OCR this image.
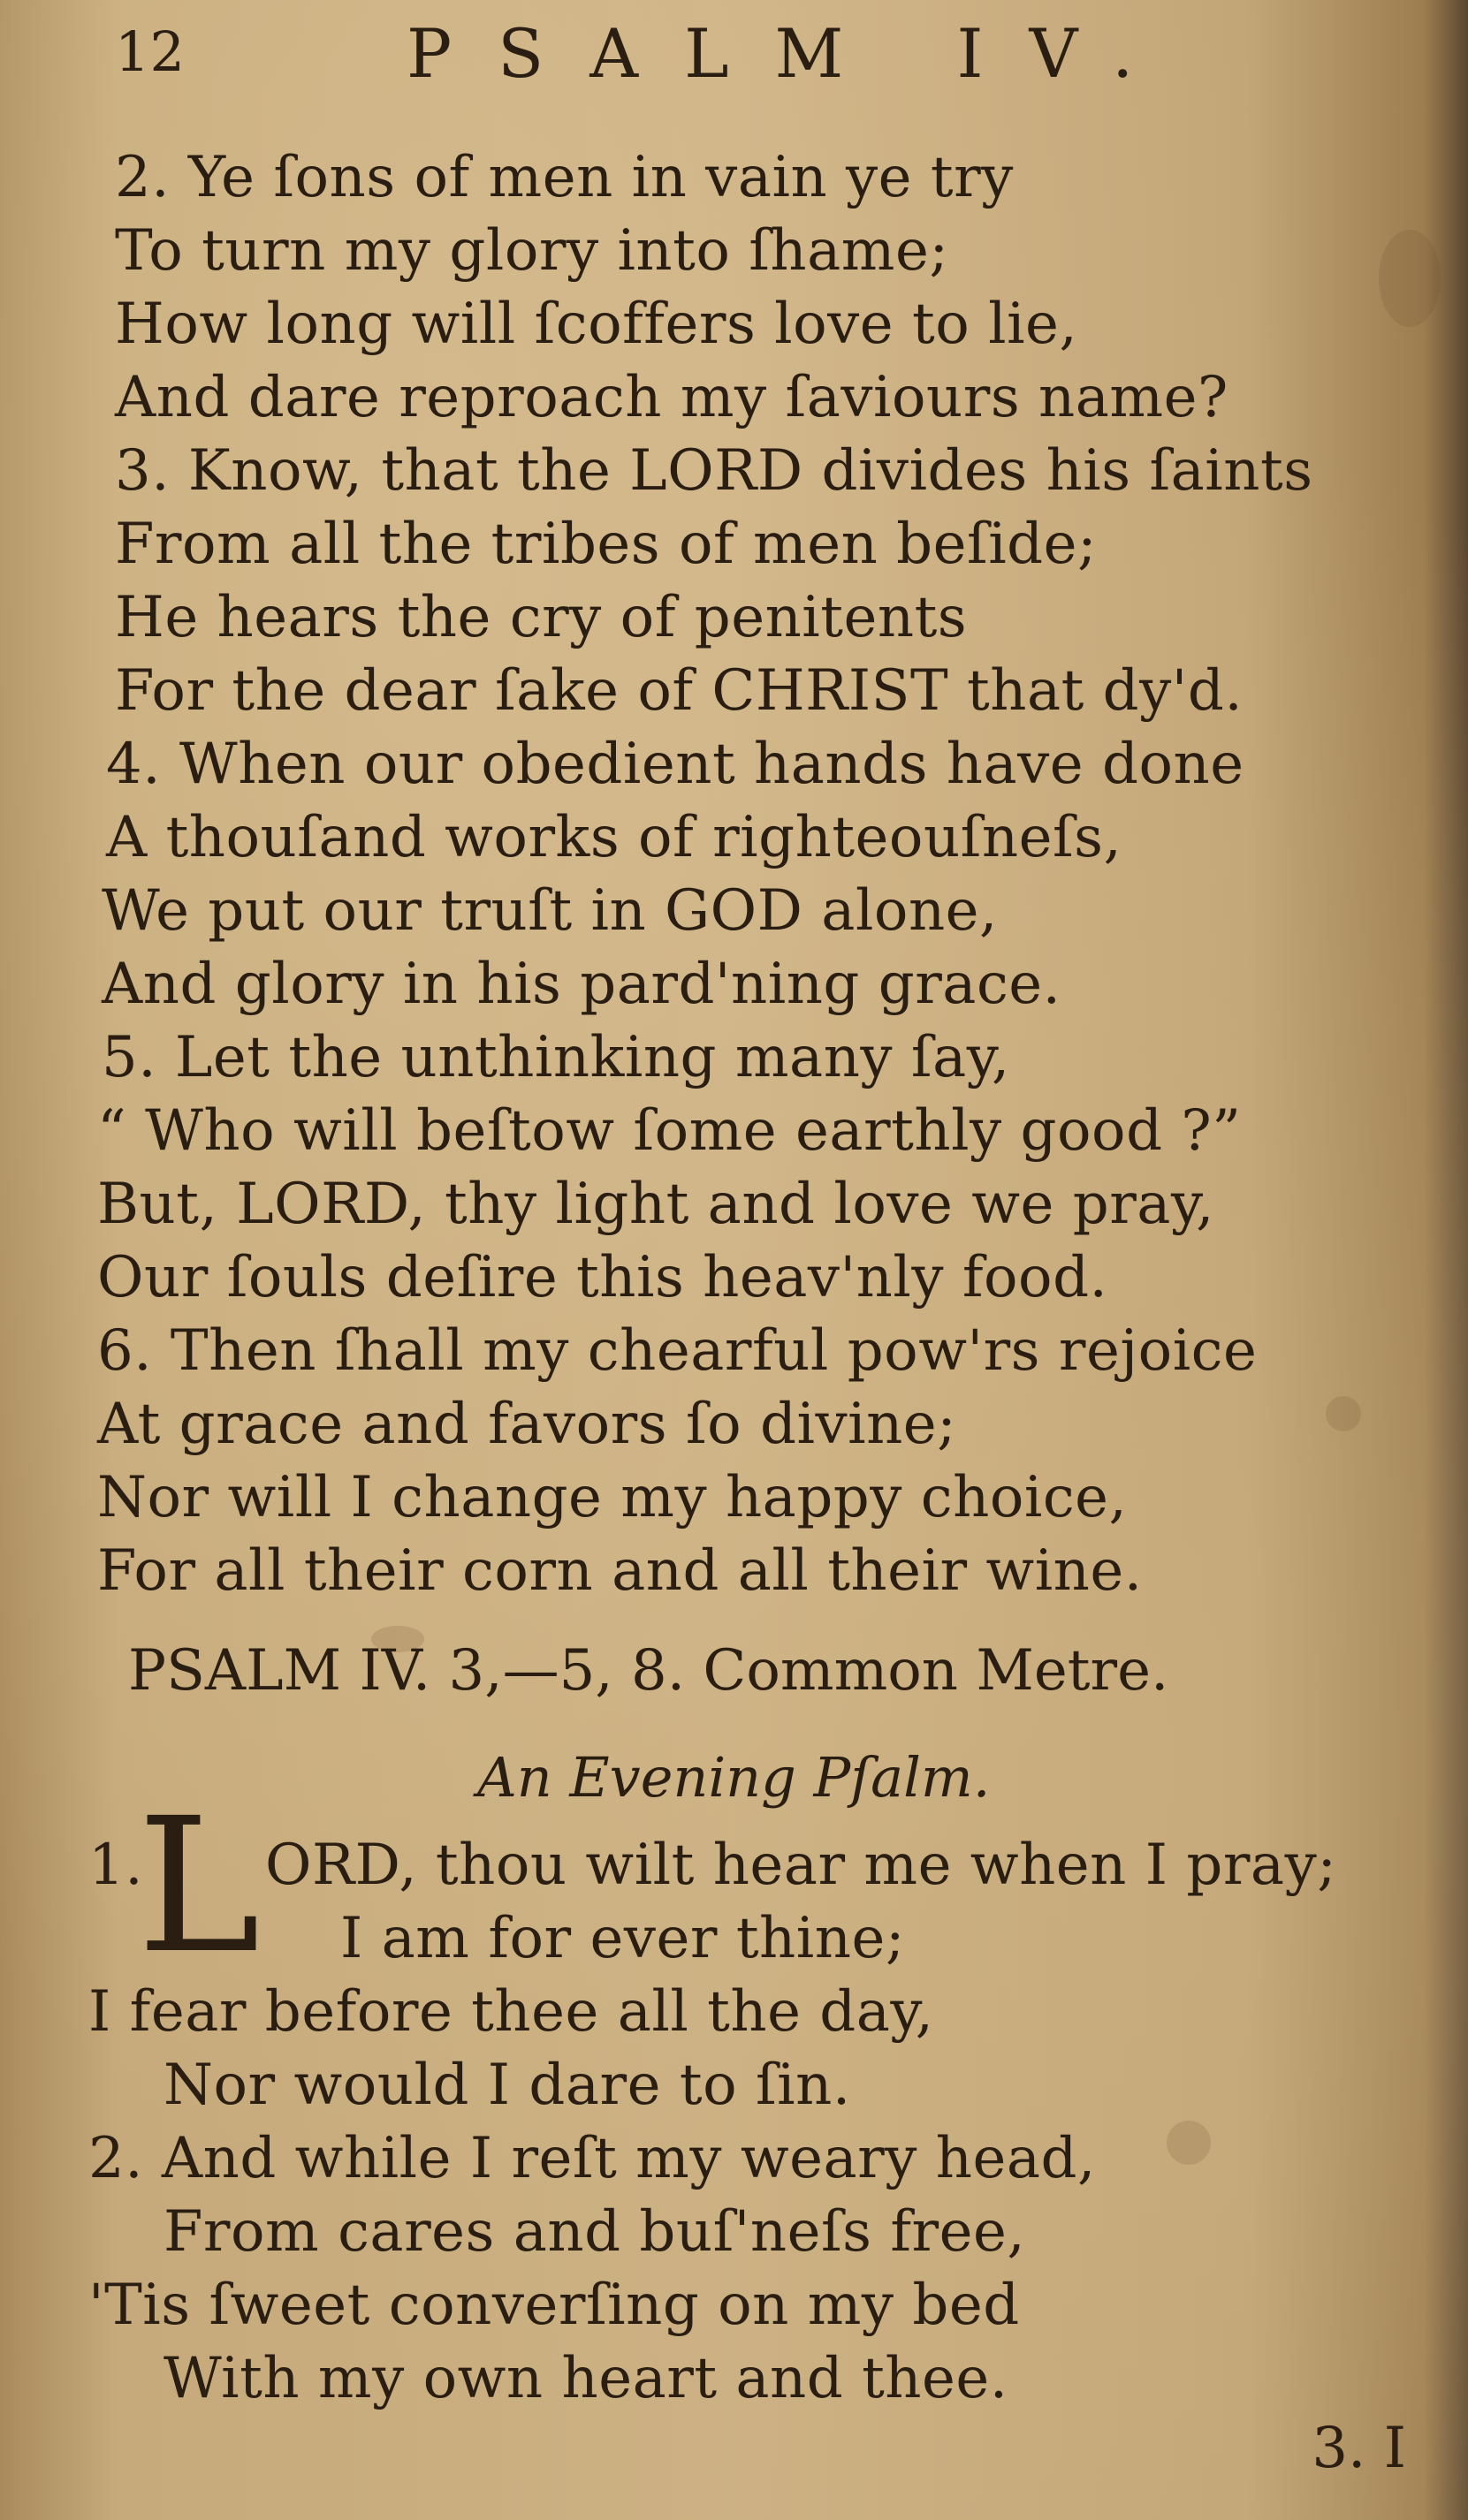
12	PSALM IV.
2. Ye ſons of men in vain ye try
To turn my glory into ſhame;
How long will ſcoffers love to lie,
And dare reproach my ſaviours name?
3. Know, that the LORD divides his ſaints
From all the tribes of men beſide;
He hears the cry of penitents
For the dear ſake of CHRIST that dy'd.
4. When our obedient hands have done
A thouſand works of righteouſneſs,
We put our truſt in GOD alone,
And glory in his pard'ning grace.
5. Let the unthinking many ſay,
“ Who will beſtow ſome earthly good ?”
But, LORD, thy light and love we pray,
Our ſouls deſire this heav'nly food.
6. Then ſhall my chearful pow'rs rejoice
At grace and favors ſo divine;
Nor will I change my happy choice,
For all their corn and all their wine.
PSALM IV. 3,—5, 8. Common Metre.
An Evening Pſalm.
1.
L ORD, thou wilt hear me when I pray;
I am for ever thine;
I fear before thee all the day,
Nor would I dare to ſin.
2. And while I reſt my weary head,
From cares and buſ'neſs free,
'Tis ſweet converſing on my bed
With my own heart and thee.
3. I
